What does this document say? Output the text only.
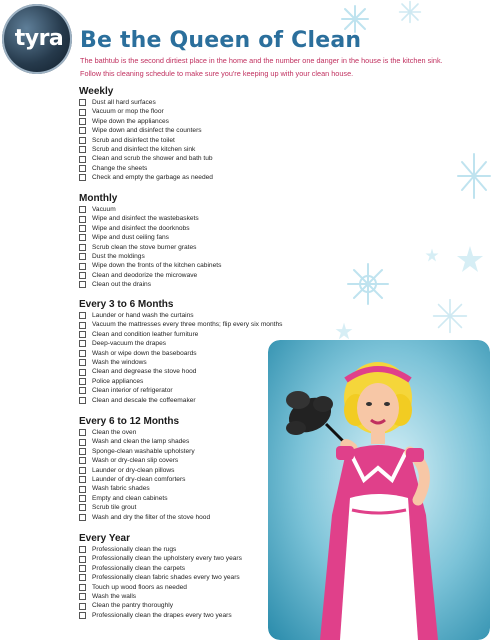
tyra Be the Queen of Clean
The bathtub is the second dirtiest place in the home and the number one danger in the house is the kitchen sink.
Follow this cleaning schedule to make sure you're keeping up with your clean house.
Weekly
Dust all hard surfaces
Vacuum or mop the floor
Wipe down the appliances
Wipe down and disinfect the counters
Scrub and disinfect the toilet
Scrub and disinfect the kitchen sink
Clean and scrub the shower and bath tub
Change the sheets
Check and empty the garbage as needed
Monthly
Vacuum
Wipe and disinfect the wastebaskets
Wipe and disinfect the doorknobs
Wipe and dust ceiling fans
Scrub clean the stove burner grates
Dust the moldings
Wipe down the fronts of the kitchen cabinets
Clean and deodorize the microwave
Clean out the drains
Every 3 to 6 Months
Launder or hand wash the curtains
Vacuum the mattresses every three months; flip every six months
Clean and condition leather furniture
Deep-vacuum the drapes
Wash or wipe down the baseboards
Wash the windows
Clean and degrease the stove hood
Police appliances
Clean interior of refrigerator
Clean and descale the coffeemaker
Every 6 to 12 Months
Clean the oven
Wash and clean the lamp shades
Sponge-clean washable upholstery
Wash or dry-clean slip covers
Launder or dry-clean pillows
Launder of dry-clean comforters
Wash fabric shades
Empty and clean cabinets
Scrub tile grout
Wash and dry the filter of the stove hood
Every Year
Professionally clean the rugs
Professionally clean the upholstery every two years
Professionally clean the carpets
Professionally clean fabric shades every two years
Touch up wood floors as needed
Wash the walls
Clean the pantry thoroughly
Professionally clean the drapes every two years
